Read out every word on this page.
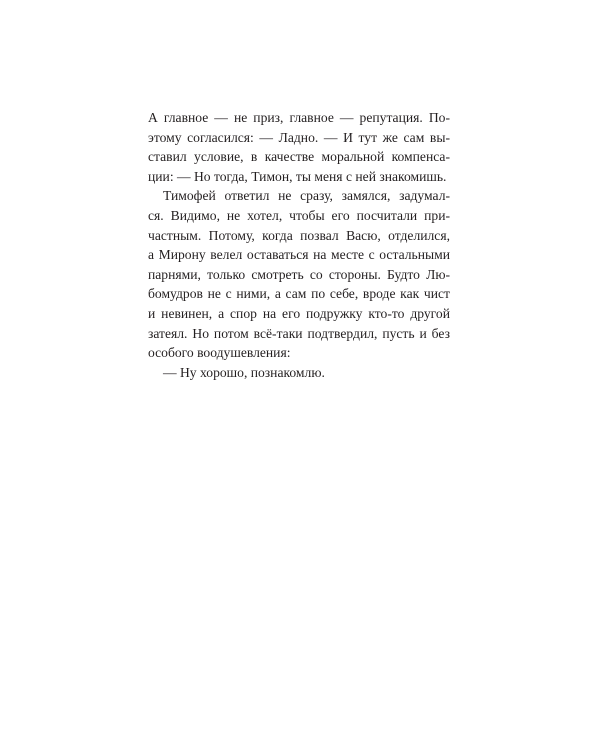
А главное — не приз, главное — репутация. По-
этому согласился: — Ладно. — И тут же сам вы-
ставил условие, в качестве моральной компенса-
ции: — Но тогда, Тимон, ты меня с ней знакомишь.
Тимофей ответил не сразу, замялся, задумал-
ся. Видимо, не хотел, чтобы его посчитали при-
частным. Потому, когда позвал Васю, отделился,
а Мирону велел оставаться на месте с остальными
парнями, только смотреть со стороны. Будто Лю-
бомудров не с ними, а сам по себе, вроде как чист
и невинен, а спор на его подружку кто-то другой
затеял. Но потом всё-таки подтвердил, пусть и без
особого воодушевления:
— Ну хорошо, познакомлю.
